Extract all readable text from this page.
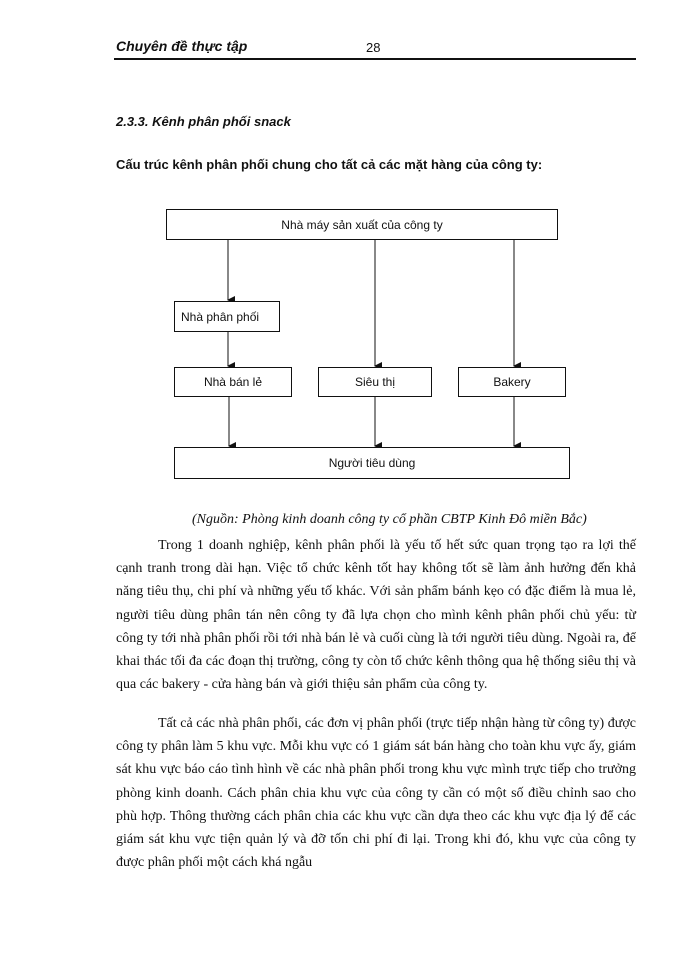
Chuyên đề thực tập	28
2.3.3. Kênh phân phối snack
Cấu trúc kênh phân phối chung cho tất cả các mặt hàng của công ty:
Nhà máy sản xuất của công ty
Nhà phân phối
Nhà bán lẻ	Siêu thị	Bakery
Người tiêu dùng
(Nguồn: Phòng kinh doanh công ty cổ phần CBTP Kinh Đô miền Bắc)

Trong 1 doanh nghiệp, kênh phân phối là yếu tố hết sức quan trọng tạo ra lợi thế cạnh tranh trong dài hạn. Việc tổ chức kênh tốt hay không tốt sẽ làm ảnh hưởng đến khả năng tiêu thụ, chi phí và những yếu tố khác. Với sản phẩm bánh kẹo có đặc điểm là mua lẻ, người tiêu dùng phân tán nên công ty đã lựa chọn cho mình kênh phân phối chủ yếu: từ công ty tới nhà phân phối rồi tới nhà bán lẻ và cuối cùng là tới người tiêu dùng. Ngoài ra, để khai thác tối đa các đoạn thị trường, công ty còn tổ chức kênh thông qua hệ thống siêu thị và qua các bakery - cửa hàng bán và giới thiệu sản phẩm của công ty.

Tất cả các nhà phân phối, các đơn vị phân phối (trực tiếp nhận hàng từ công ty) được công ty phân làm 5 khu vực. Mỗi khu vực có 1 giám sát bán hàng cho toàn khu vực ấy, giám sát khu vực báo cáo tình hình về các nhà phân phối trong khu vực mình trực tiếp cho trưởng phòng kinh doanh. Cách phân chia khu vực của công ty cần có một số điều chỉnh sao cho phù hợp. Thông thường cách phân chia các khu vực cần dựa theo các khu vực địa lý để các giám sát khu vực tiện quản lý và đỡ tốn chi phí đi lại. Trong khi đó, khu vực của công ty được phân phối một cách khá ngẫu
